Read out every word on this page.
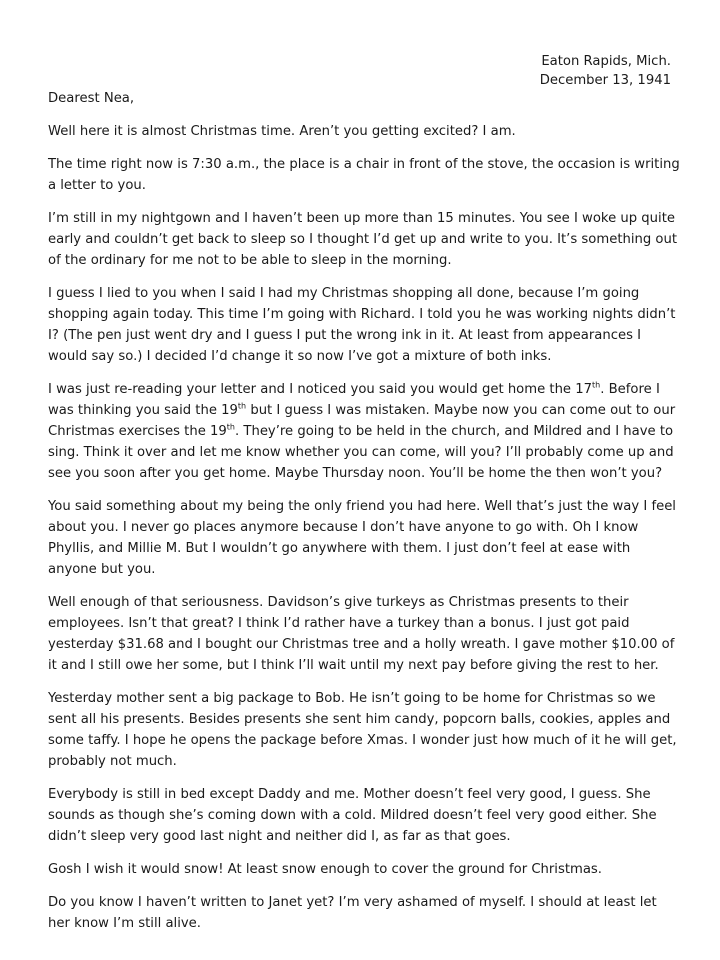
Eaton Rapids, Mich.
December 13, 1941
Dearest Nea,

Well here it is almost Christmas time. Aren’t you getting excited? I am.

The time right now is 7:30 a.m., the place is a chair in front of the stove, the occasion is writing a letter to you.

I’m still in my nightgown and I haven’t been up more than 15 minutes. You see I woke up quite early and couldn’t get back to sleep so I thought I’d get up and write to you. It’s something out of the ordinary for me not to be able to sleep in the morning.

I guess I lied to you when I said I had my Christmas shopping all done, because I’m going shopping again today. This time I’m going with Richard. I told you he was working nights didn’t I? (The pen just went dry and I guess I put the wrong ink in it. At least from appearances I would say so.) I decided I’d change it so now I’ve got a mixture of both inks.

I was just re-reading your letter and I noticed you said you would get home the 17th. Before I was thinking you said the 19th but I guess I was mistaken. Maybe now you can come out to our Christmas exercises the 19th. They’re going to be held in the church, and Mildred and I have to sing. Think it over and let me know whether you can come, will you? I’ll probably come up and see you soon after you get home. Maybe Thursday noon. You’ll be home the then won’t you?

You said something about my being the only friend you had here. Well that’s just the way I feel about you. I never go places anymore because I don’t have anyone to go with. Oh I know Phyllis, and Millie M. But I wouldn’t go anywhere with them. I just don’t feel at ease with anyone but you.

Well enough of that seriousness. Davidson’s give turkeys as Christmas presents to their employees. Isn’t that great? I think I’d rather have a turkey than a bonus. I just got paid yesterday $31.68 and I bought our Christmas tree and a holly wreath. I gave mother $10.00 of it and I still owe her some, but I think I’ll wait until my next pay before giving the rest to her.

Yesterday mother sent a big package to Bob. He isn’t going to be home for Christmas so we sent all his presents. Besides presents she sent him candy, popcorn balls, cookies, apples and some taffy. I hope he opens the package before Xmas. I wonder just how much of it he will get, probably not much.

Everybody is still in bed except Daddy and me. Mother doesn’t feel very good, I guess. She sounds as though she’s coming down with a cold. Mildred doesn’t feel very good either. She didn’t sleep very good last night and neither did I, as far as that goes.

Gosh I wish it would snow! At least snow enough to cover the ground for Christmas.

Do you know I haven’t written to Janet yet? I’m very ashamed of myself. I should at least let her know I’m still alive.
